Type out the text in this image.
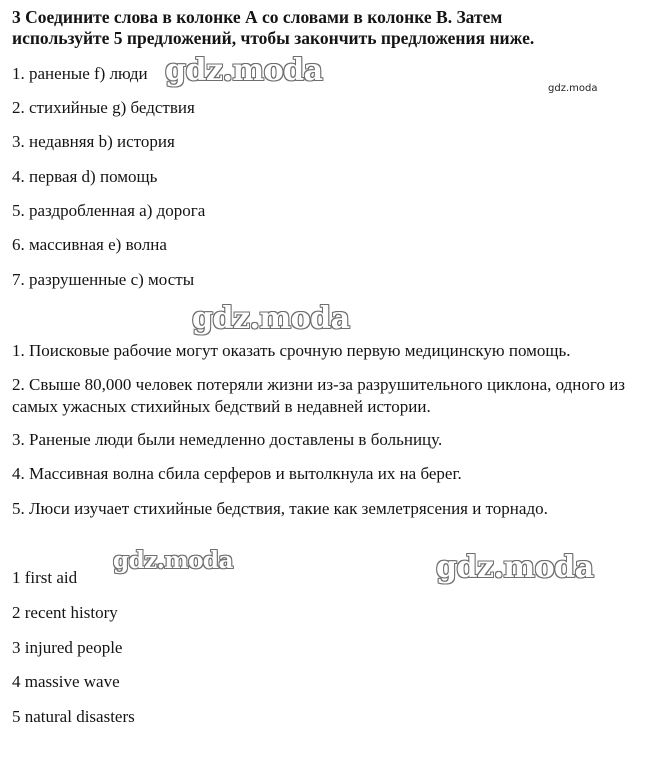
3 Соедините слова в колонке А со словами в колонке В. Затем
используйте 5 предложений, чтобы закончить предложения ниже.
1. раненые f) люди
2. стихийные g) бедствия
3. недавняя b) история
4. первая d) помощь
5. раздробленная a) дорога
6. массивная e) волна
7. разрушенные c) мосты
1. Поисковые рабочие могут оказать срочную первую медицинскую помощь.
2. Свыше 80,000 человек потеряли жизни из-за разрушительного циклона, одного из самых ужасных стихийных бедствий в недавней истории.
3. Раненые люди были немедленно доставлены в больницу.
4. Массивная волна сбила серферов и вытолкнула их на берег.
5. Люси изучает стихийные бедствия, такие как землетрясения и торнадо.
1 first aid
2 recent history
3 injured people
4 massive wave
5 natural disasters
gdz.moda
gdz.moda
gdz.moda
gdz.moda	gdz.moda
